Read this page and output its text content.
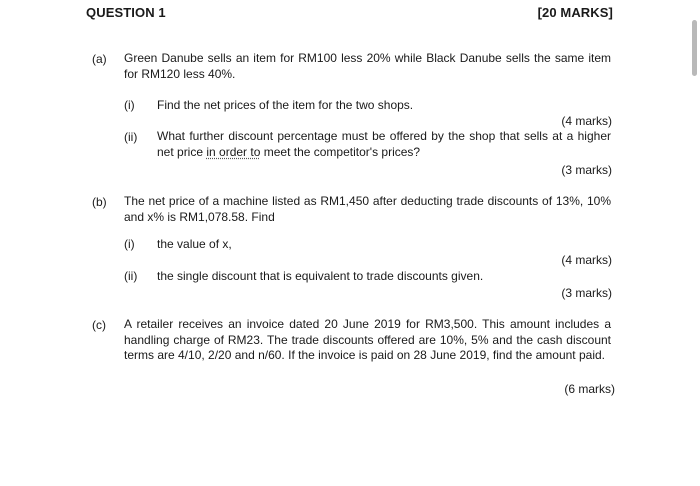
QUESTION 1	[20 MARKS]
(a) Green Danube sells an item for RM100 less 20% while Black Danube sells the same item for RM120 less 40%.
(i) Find the net prices of the item for the two shops.
(4 marks)
(ii) What further discount percentage must be offered by the shop that sells at a higher net price in order to meet the competitor's prices?
(3 marks)
(b) The net price of a machine listed as RM1,450 after deducting trade discounts of 13%, 10% and x% is RM1,078.58. Find
(i) the value of x,
(4 marks)
(ii) the single discount that is equivalent to trade discounts given.
(3 marks)
(c) A retailer receives an invoice dated 20 June 2019 for RM3,500. This amount includes a handling charge of RM23. The trade discounts offered are 10%, 5% and the cash discount terms are 4/10, 2/20 and n/60. If the invoice is paid on 28 June 2019, find the amount paid.
(6 marks)
